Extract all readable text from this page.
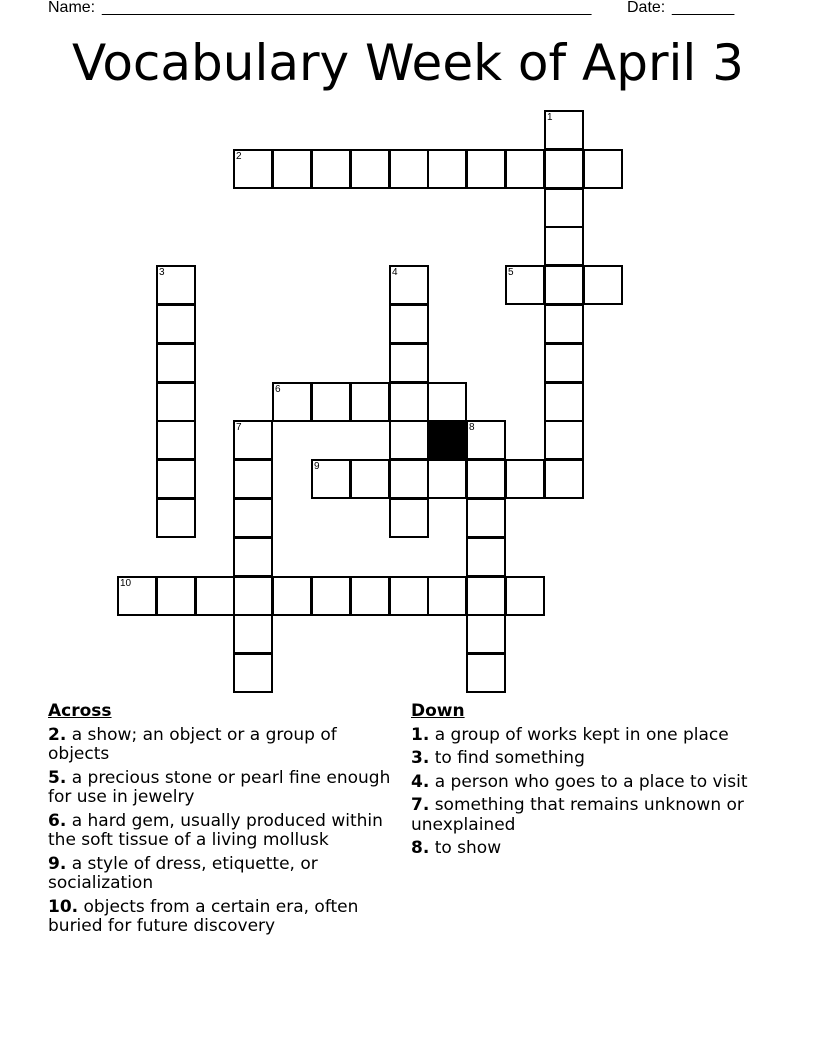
Name: _______________________________________________________ Date: _______
Vocabulary Week of April 3
1
2
3	4	5
6
7	8
9
10
Across
2. a show; an object or a group of objects
5. a precious stone or pearl fine enough for use in jewelry
6. a hard gem, usually produced within the soft tissue of a living mollusk
9. a style of dress, etiquette, or socialization
10. objects from a certain era, often buried for future discovery
Down
1. a group of works kept in one place
3. to find something
4. a person who goes to a place to visit
7. something that remains unknown or unexplained
8. to show
